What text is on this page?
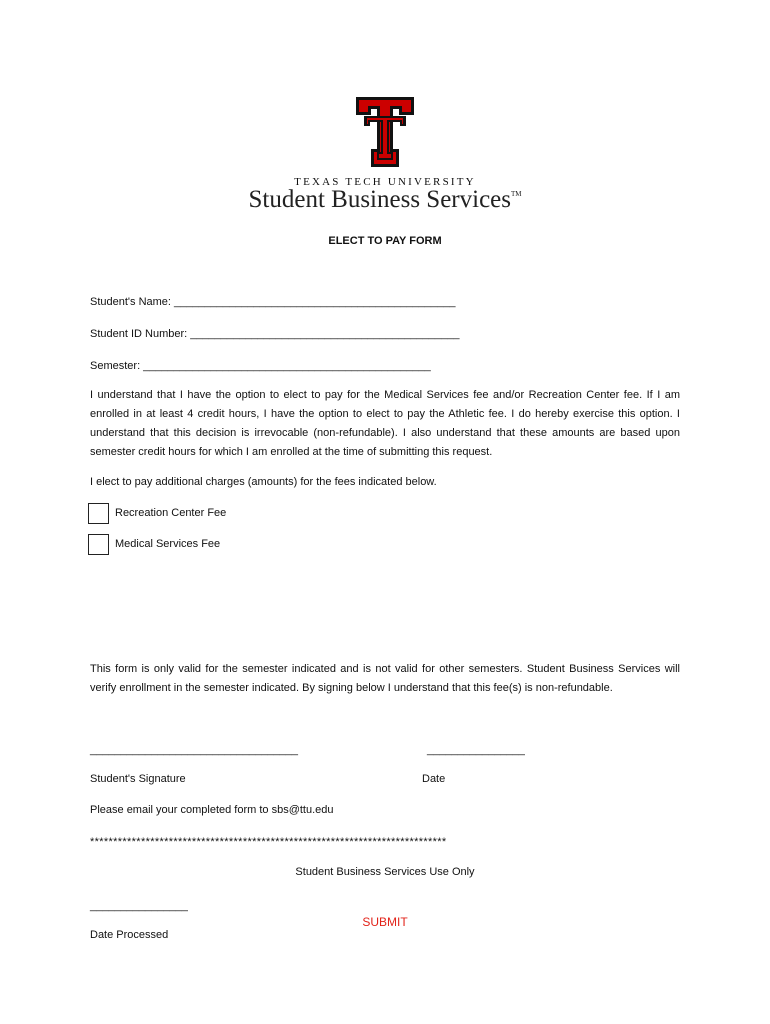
TEXAS TECH UNIVERSITY
Student Business Services™
ELECT TO PAY FORM
Student's Name: ______________________________________________
Student ID Number: ____________________________________________
Semester: _______________________________________________
I understand that I have the option to elect to pay for the Medical Services fee and/or Recreation Center fee. If I am enrolled in at least 4 credit hours, I have the option to elect to pay the Athletic fee. I do hereby exercise this option. I understand that this decision is irrevocable (non-refundable). I also understand that these amounts are based upon semester credit hours for which I am enrolled at the time of submitting this request.
I elect to pay additional charges (amounts) for the fees indicated below.
Recreation Center Fee
Medical Services Fee
This form is only valid for the semester indicated and is not valid for other semesters. Student Business Services will verify enrollment in the semester indicated. By signing below I understand that this fee(s) is non-refundable.
__________________________________	________________
Student's Signature	Date
Please email your completed form to sbs@ttu.edu
*****************************************************************************
Student Business Services Use Only
________________
SUBMIT
Date Processed
